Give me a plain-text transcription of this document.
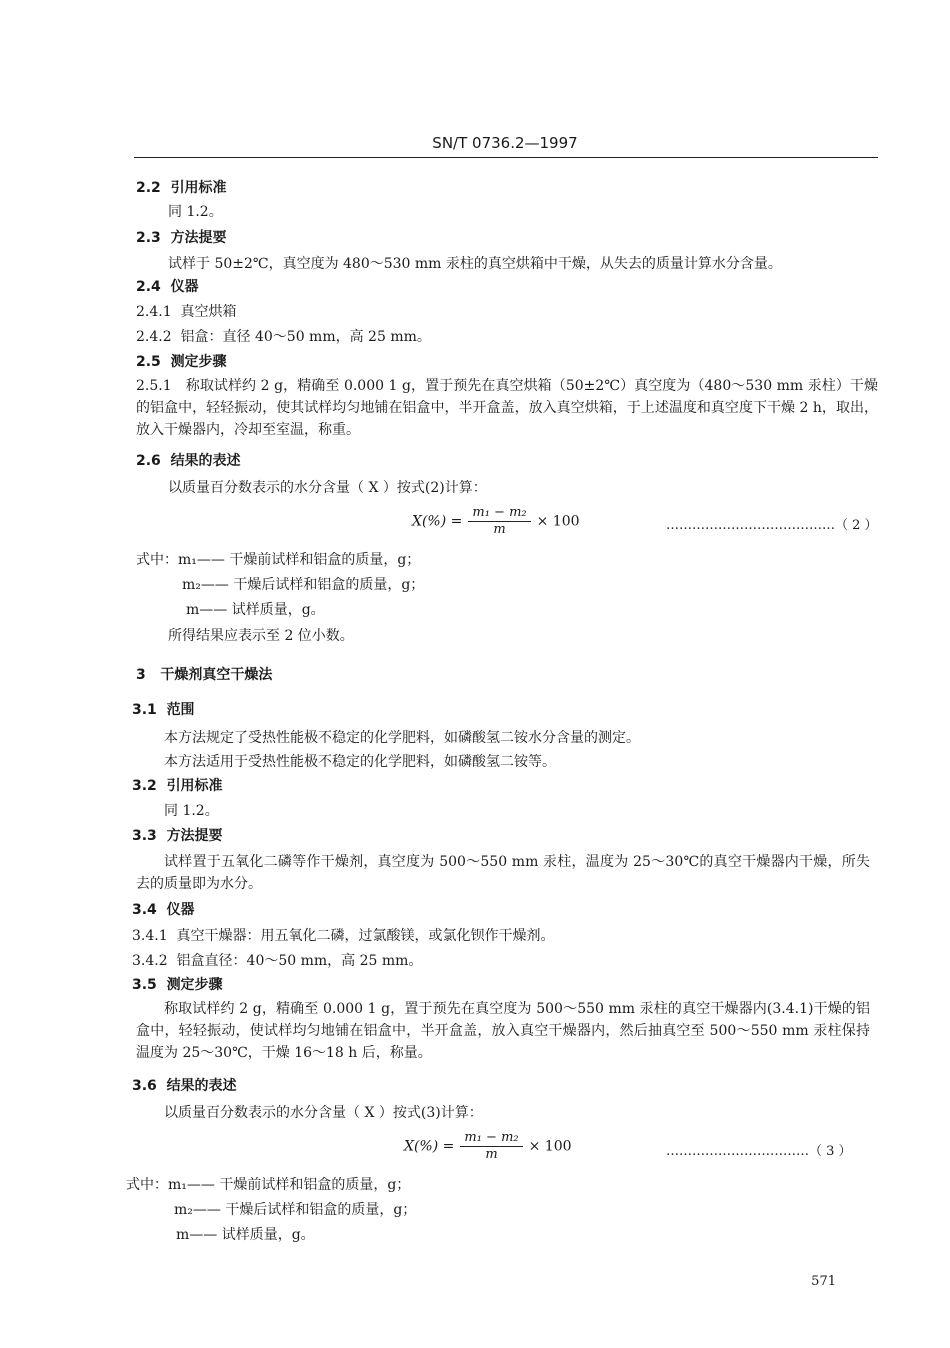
SN/T 0736.2—1997
2.2 引用标准
同 1.2。
2.3 方法提要
试样于 50±2℃，真空度为 480～530 mm 汞柱的真空烘箱中干燥，从失去的质量计算水分含量。
2.4 仪器
2.4.1 真空烘箱
2.4.2 铝盒：直径 40～50 mm，高 25 mm。
2.5 测定步骤
2.5.1　称取试样约 2 g，精确至 0.000 1 g，置于预先在真空烘箱（50±2℃）真空度为（480～530 mm 汞柱）干燥的铝盒中，轻轻振动，使其试样均匀地铺在铝盒中，半开盒盖，放入真空烘箱，于上述温度和真空度下干燥 2 h，取出，放入干燥器内，冷却至室温，称重。
2.6 结果的表述
以质量百分数表示的水分含量（ X ）按式(2)计算：
$X(\%) = \frac{\text{m₁ − m₂}}{m} \times 100$	…………………………………（ 2 ）
式中：m₁—— 干燥前试样和铝盒的质量，g；
m₂—— 干燥后试样和铝盒的质量，g；
m—— 试样质量，g。
所得结果应表示至 2 位小数。
3 干燥剂真空干燥法
3.1 范围
本方法规定了受热性能极不稳定的化学肥料，如磷酸氢二铵水分含量的测定。
本方法适用于受热性能极不稳定的化学肥料，如磷酸氢二铵等。
3.2 引用标准
同 1.2。
3.3 方法提要
试样置于五氧化二磷等作干燥剂，真空度为 500～550 mm 汞柱，温度为 25～30℃的真空干燥器内干燥，所失去的质量即为水分。
3.4 仪器
3.4.1 真空干燥器：用五氧化二磷，过氯酸镁，或氯化钡作干燥剂。
3.4.2 铝盒直径：40～50 mm，高 25 mm。
3.5 测定步骤
称取试样约 2 g，精确至 0.000 1 g，置于预先在真空度为 500～550 mm 汞柱的真空干燥器内(3.4.1)干燥的铝盒中，轻轻振动，使试样均匀地铺在铝盒中，半开盒盖，放入真空干燥器内，然后抽真空至 500～550 mm 汞柱保持温度为 25～30℃，干燥 16～18 h 后，称量。
3.6 结果的表述
以质量百分数表示的水分含量（ X ）按式(3)计算：
$X(\%) = \frac{\text{m₁ − m₂}}{m} \times 100$	……………………………（ 3 ）
式中：m₁—— 干燥前试样和铝盒的质量，g；
m₂—— 干燥后试样和铝盒的质量，g；
m—— 试样质量，g。
571
